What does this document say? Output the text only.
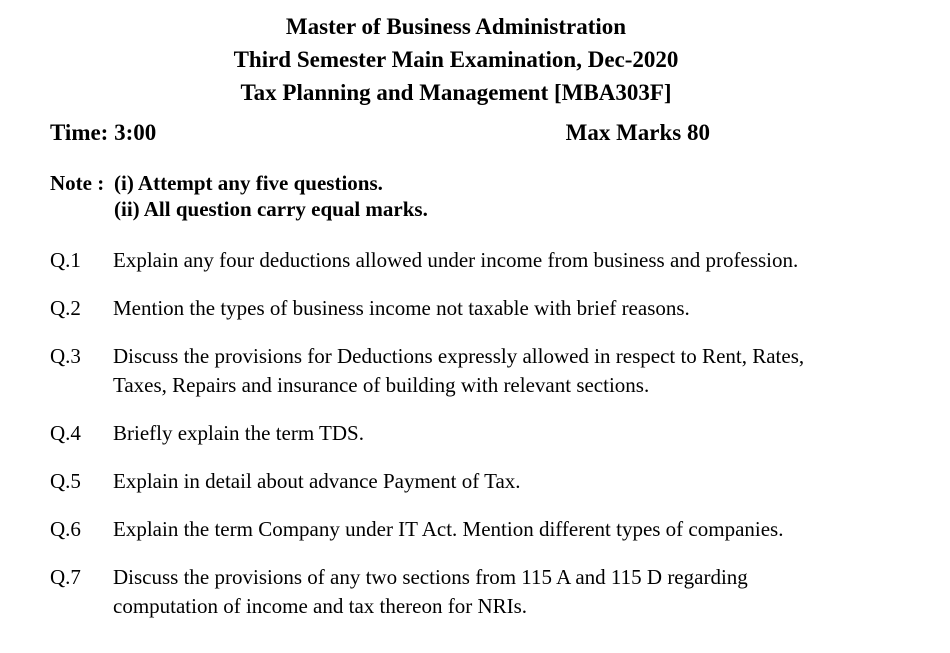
Master of Business Administration
Third Semester Main Examination, Dec-2020
Tax Planning and Management [MBA303F]
Time: 3:00	Max Marks 80
Note : (i) Attempt any five questions.
(ii) All question carry equal marks.
Q.1	Explain any four deductions allowed under income from business and profession.
Q.2	Mention the types of business income not taxable with brief reasons.
Q.3	Discuss the provisions for Deductions expressly allowed in respect to Rent, Rates,
Taxes, Repairs and insurance of building with relevant sections.
Q.4	Briefly explain the term TDS.
Q.5	Explain in detail about advance Payment of Tax.
Q.6	Explain the term Company under IT Act. Mention different types of companies.
Q.7	Discuss the provisions of any two sections from 115 A and 115 D regarding
computation of income and tax thereon for NRIs.
